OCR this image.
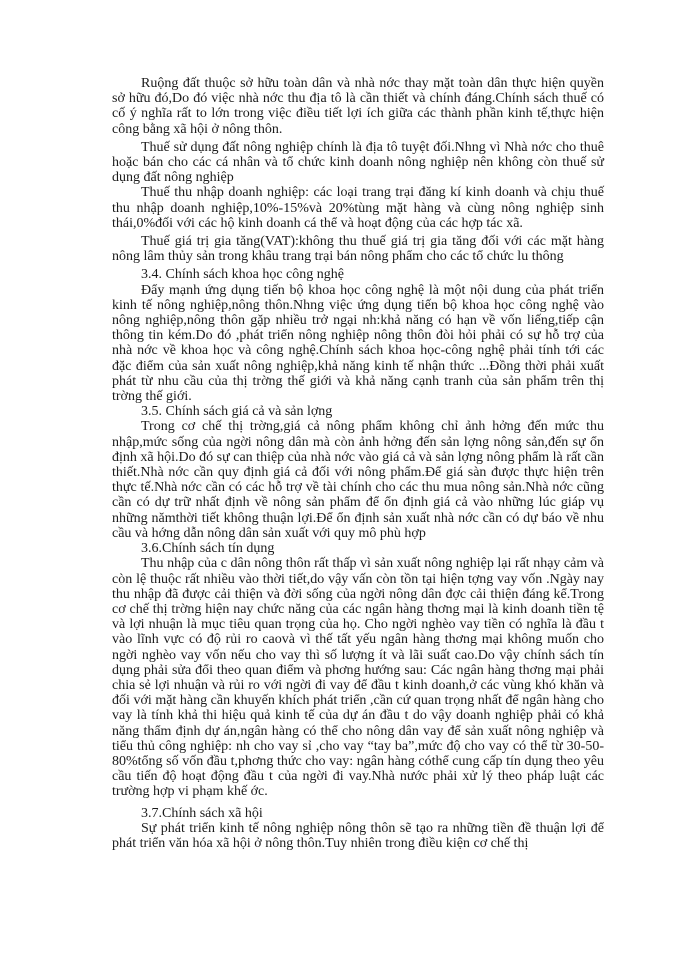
Ruộng đất thuộc sở hữu toàn dân và nhà nớc thay mặt toàn dân thực hiện quyền sở hữu đó,Do đó việc nhà nớc thu địa tô là cần thiết và chính đáng.Chính sách thuế có cố ý nghĩa rất to lớn trong việc điều tiết lợi ích giữa các thành phần kinh tế,thực hiện công bằng xã hội ở nông thôn.

Thuế sử dụng đất nông nghiệp chính là địa tô tuyệt đối.Nhng vì Nhà nớc cho thuê hoặc bán cho các cá nhân và tổ chức kinh doanh nông nghiệp nên không còn thuế sử dụng đất nông nghiệp

Thuế thu nhập doanh nghiệp: các loại trang trại đăng kí kinh doanh và chịu thuế thu nhập doanh nghiệp,10%-15%và 20%tùng mặt hàng và cùng nông nghiệp sinh thái,0%đối với các hộ kinh doanh cá thể và hoạt động của các hợp tác xã.

Thuế giá trị gia tăng(VAT):không thu thuế giá trị gia tăng đối với các mặt hàng nông lâm thủy sản trong khâu trang trại bán nông phẩm cho các tổ chức lu thông

3.4. Chính sách khoa học công nghệ

Đẩy mạnh ứng dụng tiến bộ khoa học công nghệ là một nội dung của phát triển kinh tế nông nghiệp,nông thôn.Nhng việc ứng dụng tiến bộ khoa học công nghệ vào nông nghiệp,nông thôn gặp nhiều trở ngại nh:khả năng có hạn về vốn liếng,tiếp cận thông tin kém.Do đó ,phát triển nông nghiệp nông thôn đòi hỏi phải có sự hỗ trợ của nhà nớc về khoa học và công nghệ.Chính sách khoa học-công nghệ phải tính tới các đặc điểm của sản xuất nông nghiệp,khả năng kinh tế nhận thức ...Đồng thời phải xuất phát từ nhu cầu của thị trờng thế giới và khả năng cạnh tranh của sản phẩm trên thị trờng thế giới.

3.5. Chính sách giá cả và sản lợng

Trong cơ chế thị trờng,giá cả nông phẩm không chỉ ảnh hởng đến mức thu nhập,mức sống của ngời nông dân mà còn ảnh hởng đến sản lợng nông sản,đến sự ổn định xã hội.Do đó sự can thiệp của nhà nớc vào giá cả và sản lợng nông phẩm là rất cần thiết.Nhà nớc cần quy định giá cả đối với nông phẩm.Để giá sàn được thực hiện trên thực tế.Nhà nớc cần có các hỗ trợ về tài chính cho các thu mua nông sản.Nhà nớc cũng cần có dự trữ nhất định về nông sản phẩm để ổn định giá cả vào những lúc giáp vụ những nămthời tiết không thuận lợi.Để ổn định sản xuất nhà nớc cần có dự báo về nhu cầu và hớng dẫn nông dân sản xuất với quy mô phù hợp

3.6.Chính sách tín dụng

Thu nhập của c dân nông thôn rất thấp vì sản xuất nông nghiệp lại rất nhạy cảm và còn lệ thuộc rất nhiều vào thời tiết,do vậy vấn còn tồn tại hiện tợng vay vốn .Ngày nay thu nhập đã được cải thiện và đời sống của ngời nông dân đợc cải thiện đáng kể.Trong cơ chế thị trờng hiện nay chức năng của các ngân hàng thơng mại là kinh doanh tiền tệ và lợi nhuận là mục tiêu quan trọng của họ. Cho ngời nghèo vay tiền có nghĩa là đầu t vào lĩnh vực có độ rủi ro caovà vì thế tất yếu ngân hàng thơng mại không muốn cho ngời nghèo vay vốn nếu cho vay thì số lượng ít và lãi suất cao.Do vậy chính sách tín dụng phải sửa đổi theo quan điểm và phơng hướng sau: Các ngân hàng thơng mại phải chia sẻ lợi nhuận và rủi ro với ngời đi vay để đầu t kinh doanh,ở các vùng khó khăn và đối với mặt hàng cần khuyến khích phát triển ,cần cứ quan trọng nhất để ngân hàng cho vay là tính khả thi hiệu quả kinh tế của dự án đầu t do vậy doanh nghiệp phải có khả năng thẩm định dự án,ngân hàng có thể cho nông dân vay để sản xuất nông nghiệp và tiểu thủ công nghiệp: nh cho vay sỉ ,cho vay “tay ba”,mức độ cho vay có thể từ 30-50-80%tổng số vốn đầu t,phơng thức cho vay: ngân hàng cóthể cung cấp tín dụng theo yêu cầu tiến độ hoạt động đầu t của ngời đi vay.Nhà nước phải xử lý theo pháp luật các trường hợp vi phạm khế ớc.

3.7.Chính sách xã hội

Sự phát triển kinh tế nông nghiệp nông thôn sẽ tạo ra những tiền đề thuận lợi để phát triển văn hóa xã hội ở nông thôn.Tuy nhiên trong điều kiện cơ chế thị
